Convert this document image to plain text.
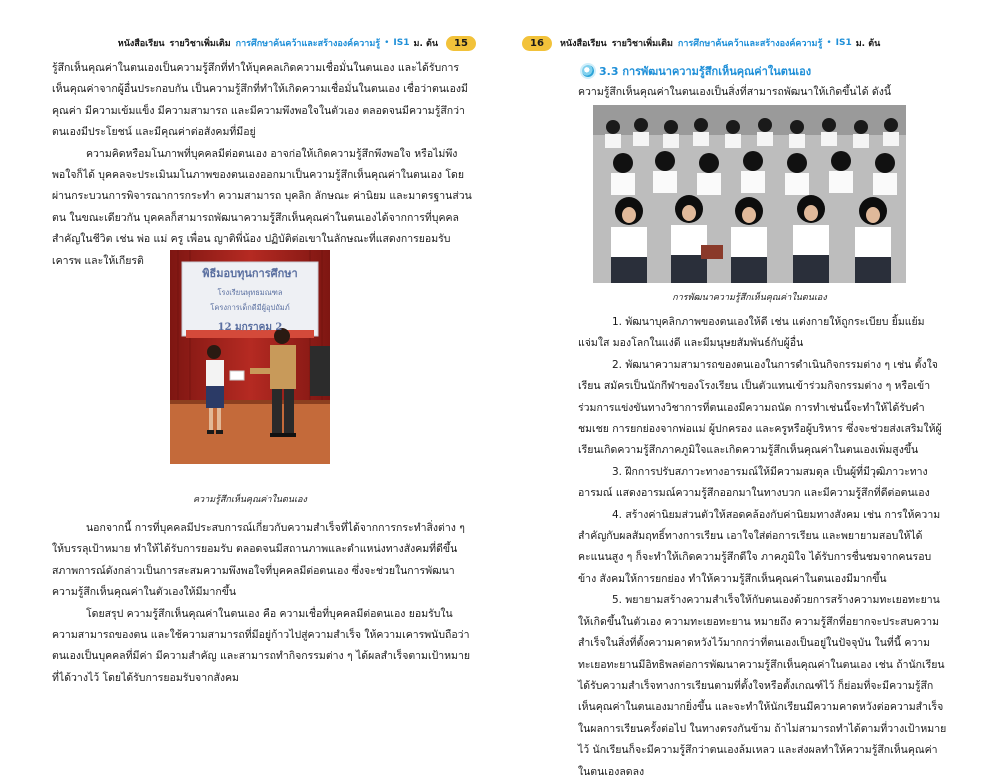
หนังสือเรียน รายวิชาเพิ่มเติม การศึกษาค้นคว้าและสร้างองค์ความรู้ • IS1 ม. ต้น	15

รู้สึกเห็นคุณค่าในตนเองเป็นความรู้สึกที่ทำให้บุคคลเกิดความเชื่อมั่นในตนเอง และได้รับการเห็นคุณค่าจากผู้อื่นประกอบกัน เป็นความรู้สึกที่ทำให้เกิดความเชื่อมั่นในตนเอง เชื่อว่าตนเองมีคุณค่า มีความเข้มแข็ง มีความสามารถ และมีความพึงพอใจในตัวเอง ตลอดจนมีความรู้สึกว่าตนเองมีประโยชน์ และมีคุณค่าต่อสังคมที่มีอยู่

ความคิดหรือมโนภาพที่บุคคลมีต่อตนเอง อาจก่อให้เกิดความรู้สึกพึงพอใจ หรือไม่พึงพอใจก็ได้ บุคคลจะประเมินมโนภาพของตนเองออกมาเป็นความรู้สึกเห็นคุณค่าในตนเอง โดยผ่านกระบวนการพิจารณาการกระทำ ความสามารถ บุคลิก ลักษณะ ค่านิยม และมาตรฐานส่วนตน ในขณะเดียวกัน บุคคลก็สามารถพัฒนาความรู้สึกเห็นคุณค่าในตนเองได้จากการที่บุคคลสำคัญในชีวิต เช่น พ่อ แม่ ครู เพื่อน ญาติพี่น้อง ปฏิบัติต่อเขาในลักษณะที่แสดงการยอมรับ เคารพ และให้เกียรติ

นอกจากนี้ การที่บุคคลมีประสบการณ์เกี่ยวกับความสำเร็จที่ได้จากการกระทำสิ่งต่าง ๆ ให้บรรลุเป้าหมาย ทำให้ได้รับการยอมรับ ตลอดจนมีสถานภาพและตำแหน่งทางสังคมที่ดีขึ้น สภาพการณ์ดังกล่าวเป็นการสะสมความพึงพอใจที่บุคคลมีต่อตนเอง ซึ่งจะช่วยในการพัฒนาความรู้สึกเห็นคุณค่าในตัวเองให้มีมากขึ้น

โดยสรุป ความรู้สึกเห็นคุณค่าในตนเอง คือ ความเชื่อที่บุคคลมีต่อตนเอง ยอมรับในความสามารถของตน และใช้ความสามารถที่มีอยู่ก้าวไปสู่ความสำเร็จ ให้ความเคารพนับถือว่าตนเองเป็นบุคคลที่มีค่า มีความสำคัญ และสามารถทำกิจกรรมต่าง ๆ ได้ผลสำเร็จตามเป้าหมายที่ได้วางไว้ โดยได้รับการยอมรับจากสังคม

พิธีมอบทุนการศึกษา
โรงเรียนพุทธมณฑล
โครงการเด็กดีมีผู้อุปถัมภ์
12 มกราคม 2
ความรู้สึกเห็นคุณค่าในตนเอง
16	หนังสือเรียน รายวิชาเพิ่มเติม การศึกษาค้นคว้าและสร้างองค์ความรู้ • IS1 ม. ต้น
3.3 การพัฒนาความรู้สึกเห็นคุณค่าในตนเอง
ความรู้สึกเห็นคุณค่าในตนเองเป็นสิ่งที่สามารถพัฒนาให้เกิดขึ้นได้ ดังนี้

1. พัฒนาบุคลิกภาพของตนเองให้ดี เช่น แต่งกายให้ถูกระเบียบ ยิ้มแย้มแจ่มใส มองโลกในแง่ดี และมีมนุษยสัมพันธ์กับผู้อื่น

2. พัฒนาความสามารถของตนเองในการดำเนินกิจกรรมต่าง ๆ เช่น ตั้งใจเรียน สมัครเป็นนักกีฬาของโรงเรียน เป็นตัวแทนเข้าร่วมกิจกรรมต่าง ๆ หรือเข้าร่วมการแข่งขันทางวิชาการที่ตนเองมีความถนัด การทำเช่นนี้จะทำให้ได้รับคำชมเชย การยกย่องจากพ่อแม่ ผู้ปกครอง และครูหรือผู้บริหาร ซึ่งจะช่วยส่งเสริมให้ผู้เรียนเกิดความรู้สึกภาคภูมิใจและเกิดความรู้สึกเห็นคุณค่าในตนเองเพิ่มสูงขึ้น

3. ฝึกการปรับสภาวะทางอารมณ์ให้มีความสมดุล เป็นผู้ที่มีวุฒิภาวะทางอารมณ์ แสดงอารมณ์ความรู้สึกออกมาในทางบวก และมีความรู้สึกที่ดีต่อตนเอง

4. สร้างค่านิยมส่วนตัวให้สอดคล้องกับค่านิยมทางสังคม เช่น การให้ความสำคัญกับผลสัมฤทธิ์ทางการเรียน เอาใจใส่ต่อการเรียน และพยายามสอบให้ได้คะแนนสูง ๆ ก็จะทำให้เกิดความรู้สึกดีใจ ภาคภูมิใจ ได้รับการชื่นชมจากคนรอบข้าง สังคมให้การยกย่อง ทำให้ความรู้สึกเห็นคุณค่าในตนเองมีมากขึ้น

5. พยายามสร้างความสำเร็จให้กับตนเองด้วยการสร้างความทะเยอทะยานให้เกิดขึ้นในตัวเอง ความทะเยอทะยาน หมายถึง ความรู้สึกที่อยากจะประสบความสำเร็จในสิ่งที่ตั้งความคาดหวังไว้มากกว่าที่ตนเองเป็นอยู่ในปัจจุบัน ในที่นี้ ความทะเยอทะยานมีอิทธิพลต่อการพัฒนาความรู้สึกเห็นคุณค่าในตนเอง เช่น ถ้านักเรียนได้รับความสำเร็จทางการเรียนตามที่ตั้งใจหรือตั้งเกณฑ์ไว้ ก็ย่อมที่จะมีความรู้สึกเห็นคุณค่าในตนเองมากยิ่งขึ้น และจะทำให้นักเรียนมีความคาดหวังต่อความสำเร็จในผลการเรียนครั้งต่อไป ในทางตรงกันข้าม ถ้าไม่สามารถทำได้ตามที่วางเป้าหมายไว้ นักเรียนก็จะมีความรู้สึกว่าตนเองล้มเหลว และส่งผลทำให้ความรู้สึกเห็นคุณค่าในตนเองลดลง

การพัฒนาความรู้สึกเห็นคุณค่าในตนเอง
